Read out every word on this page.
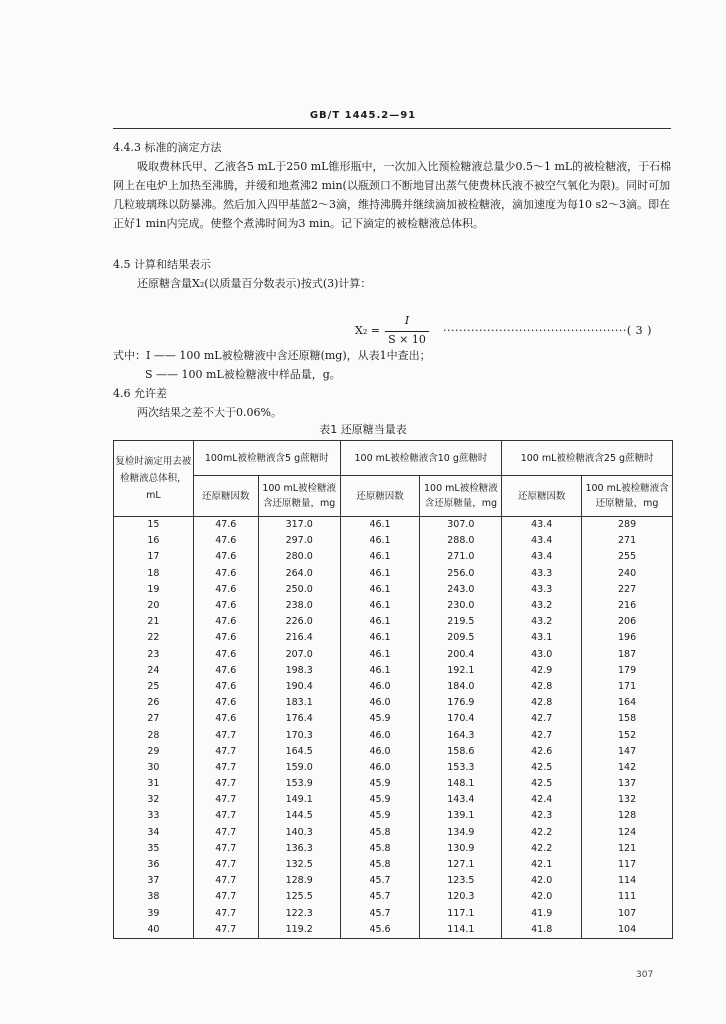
GB/T 1445.2—91
4.4.3 标准的滴定方法
吸取费林氏甲、乙液各5 mL于250 mL锥形瓶中，一次加入比预检糖液总量少0.5～1 mL的被检糖液，于石棉网上在电炉上加热至沸腾，并缓和地煮沸2 min(以瓶颈口不断地冒出蒸气使费林氏液不被空气氧化为限)。同时可加几粒玻璃珠以防暴沸。然后加入四甲基蓝2～3滴，维持沸腾并继续滴加被检糖液，滴加速度为每10 s2～3滴。即在正好1 min内完成。使整个煮沸时间为3 min。记下滴定的被检糖液总体积。
4.5 计算和结果表示
还原糖含量X₂(以质量百分数表示)按式(3)计算：
X₂ =
I
S × 10
··············································( 3 )
式中：I —— 100 mL被检糖液中含还原糖(mg)，从表1中查出；
S —— 100 mL被检糖液中样品量，g。
4.6 允许差
两次结果之差不大于0.06%。
表1 还原糖当量表
复检时滴定用去被检糖液总体积，mL	100mL被检糖液含5 g蔗糖时		100 mL被检糖液含10 g蔗糖时		100 mL被检糖液含25 g蔗糖时	
	还原糖因数	100 mL被检糖液含还原糖量，mg	还原糖因数	100 mL被检糖液含还原糖量，mg	还原糖因数	100 mL被检糖液含还原糖量，mg
15	47.6	317.0	46.1	307.0	43.4	289
16	47.6	297.0	46.1	288.0	43.4	271
17	47.6	280.0	46.1	271.0	43.4	255
18	47.6	264.0	46.1	256.0	43.3	240
19	47.6	250.0	46.1	243.0	43.3	227
20	47.6	238.0	46.1	230.0	43.2	216
21	47.6	226.0	46.1	219.5	43.2	206
22	47.6	216.4	46.1	209.5	43.1	196
23	47.6	207.0	46.1	200.4	43.0	187
24	47.6	198.3	46.1	192.1	42.9	179
25	47.6	190.4	46.0	184.0	42.8	171
26	47.6	183.1	46.0	176.9	42.8	164
27	47.6	176.4	45.9	170.4	42.7	158
28	47.7	170.3	46.0	164.3	42.7	152
29	47.7	164.5	46.0	158.6	42.6	147
30	47.7	159.0	46.0	153.3	42.5	142
31	47.7	153.9	45.9	148.1	42.5	137
32	47.7	149.1	45.9	143.4	42.4	132
33	47.7	144.5	45.9	139.1	42.3	128
34	47.7	140.3	45.8	134.9	42.2	124
35	47.7	136.3	45.8	130.9	42.2	121
36	47.7	132.5	45.8	127.1	42.1	117
37	47.7	128.9	45.7	123.5	42.0	114
38	47.7	125.5	45.7	120.3	42.0	111
39	47.7	122.3	45.7	117.1	41.9	107
40	47.7	119.2	45.6	114.1	41.8	104
307
